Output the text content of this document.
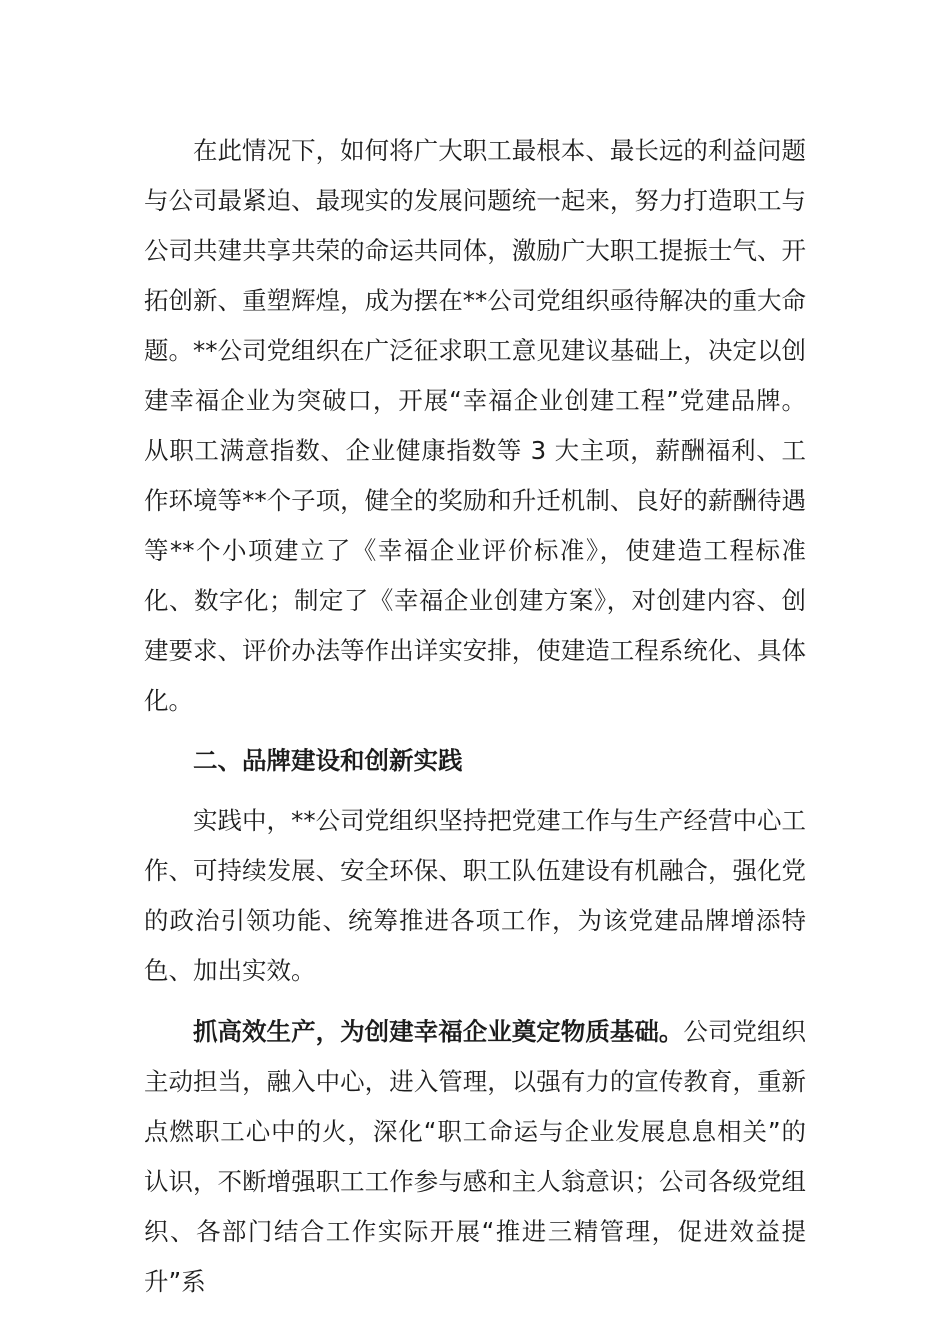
在此情况下，如何将广大职工最根本、最长远的利益问题与公司最紧迫、最现实的发展问题统一起来，努力打造职工与公司共建共享共荣的命运共同体，激励广大职工提振士气、开拓创新、重塑辉煌，成为摆在**公司党组织亟待解决的重大命题。**公司党组织在广泛征求职工意见建议基础上，决定以创建幸福企业为突破口，开展“幸福企业创建工程”党建品牌。从职工满意指数、企业健康指数等 3 大主项，薪酬福利、工作环境等**个子项，健全的奖励和升迁机制、良好的薪酬待遇等**个小项建立了《幸福企业评价标准》，使建造工程标准化、数字化；制定了《幸福企业创建方案》，对创建内容、创建要求、评价办法等作出详实安排，使建造工程系统化、具体化。

二、品牌建设和创新实践

实践中，**公司党组织坚持把党建工作与生产经营中心工作、可持续发展、安全环保、职工队伍建设有机融合，强化党的政治引领功能、统筹推进各项工作，为该党建品牌增添特色、加出实效。

抓高效生产，为创建幸福企业奠定物质基础。公司党组织主动担当，融入中心，进入管理，以强有力的宣传教育，重新点燃职工心中的火，深化“职工命运与企业发展息息相关”的认识，不断增强职工工作参与感和主人翁意识；公司各级党组织、各部门结合工作实际开展“推进三精管理，促进效益提升”系
